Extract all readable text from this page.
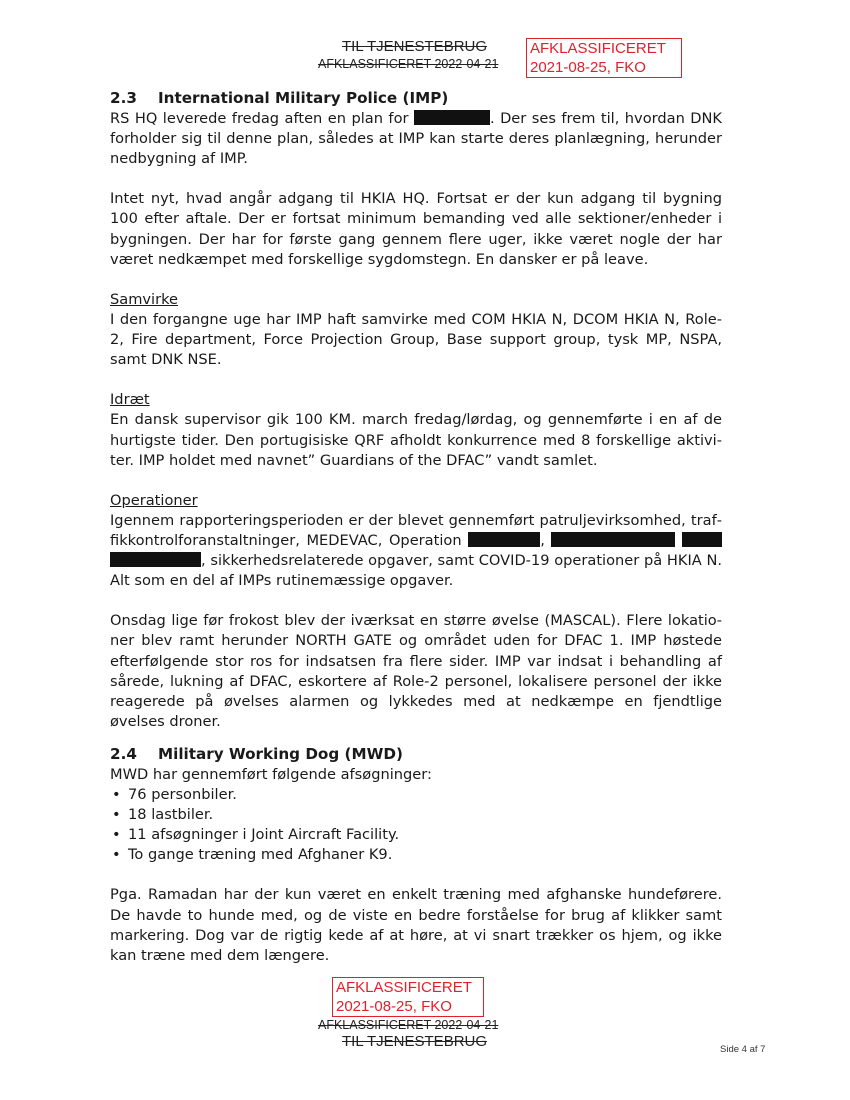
TIL TJENESTEBRUG
AFKLASSIFICERET 2022-04-21
AFKLASSIFICERET
2021-08-25, FKO

2.3 International Military Police (IMP)

RS HQ leverede fredag aften en plan for	. Der ses frem til, hvordan DNK forholder sig til denne plan, således at IMP kan starte deres planlægning, herunder nedbygning af IMP.

Intet nyt, hvad angår adgang til HKIA HQ. Fortsat er der kun adgang til bygning 100 efter aftale. Der er fortsat minimum bemanding ved alle sektioner/enheder i bygningen. Der har for første gang gennem flere uger, ikke været nogle der har været nedkæmpet med forskellige sygdomstegn. En dansker er på leave.

Samvirke

I den forgangne uge har IMP haft samvirke med COM HKIA N, DCOM HKIA N, Role-2, Fire department, Force Projection Group, Base support group, tysk MP, NSPA, samt DNK NSE.

Idræt

En dansk supervisor gik 100 KM. march fredag/lørdag, og gennemførte i en af de hurtigste tider. Den portugisiske QRF afholdt konkurrence med 8 forskellige aktiviter. IMP holdet med navnet” Guardians of the DFAC” vandt samlet.

Operationer

Igennem rapporteringsperioden er der blevet gennemført patruljevirksomhed, traffikkontrolforanstaltninger, MEDEVAC, Operation	,   , sikkerhedsrelaterede opgaver, samt COVID-19 operationer på HKIA N. Alt som en del af IMPs rutinemæssige opgaver.

Onsdag lige før frokost blev der iværksat en større øvelse (MASCAL). Flere lokationer blev ramt herunder NORTH GATE og området uden for DFAC 1. IMP høstede efterfølgende stor ros for indsatsen fra flere sider. IMP var indsat i behandling af sårede, lukning af DFAC, eskortere af Role-2 personel, lokalisere personel der ikke reagerede på øvelses alarmen og lykkedes med at nedkæmpe en fjendtlige øvelses droner.

2.4 Military Working Dog (MWD)

MWD har gennemført følgende afsøgninger:

• 76 personbiler.
• 18 lastbiler.
• 11 afsøgninger i Joint Aircraft Facility.
• To gange træning med Afghaner K9.

Pga. Ramadan har der kun været en enkelt træning med afghanske hundeførere. De havde to hunde med, og de viste en bedre forståelse for brug af klikker samt markering. Dog var de rigtig kede af at høre, at vi snart trækker os hjem, og ikke kan træne med dem længere.

AFKLASSIFICERET
2021-08-25, FKO
AFKLASSIFICERET 2022-04-21
TIL TJENESTEBRUG	Side 4 af 7
